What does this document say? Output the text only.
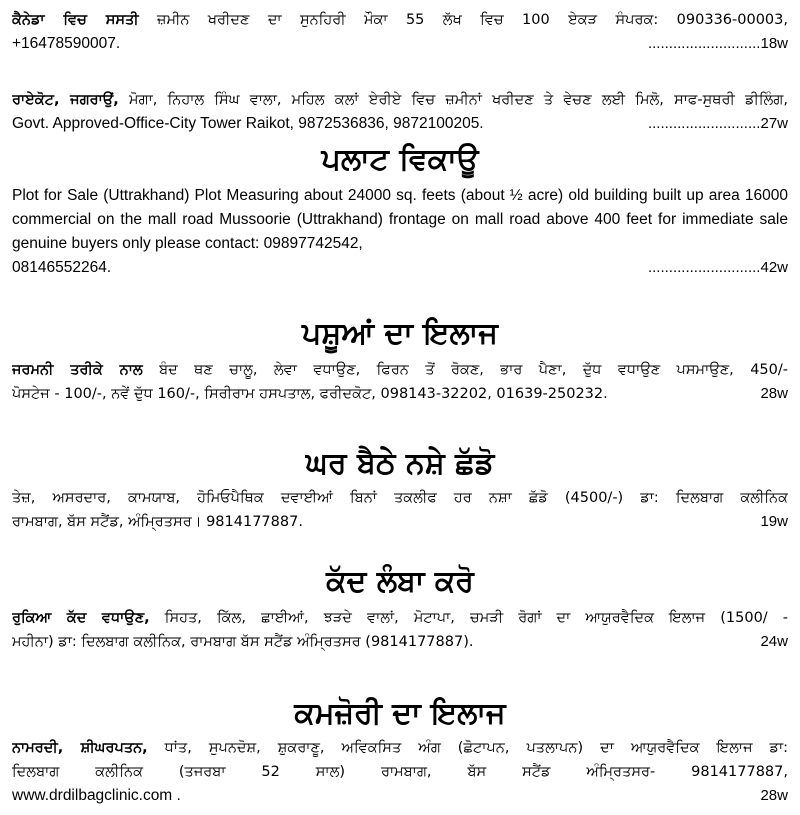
ਕੈਨੇਡਾ ਵਿਚ ਸਸਤੀ ਜ਼ਮੀਨ ਖਰੀਦਣ ਦਾ ਸੁਨਹਿਰੀ ਮੌਕਾ 55 ਲੱਖ ਵਿਚ 100 ਏਕੜ ਸੰਪਰਕ: 090336-00003,
+16478590007.	...........................18w
ਰਾਏਕੋਟ, ਜਗਰਾਉਂ, ਮੋਗਾ, ਨਿਹਾਲ ਸਿੰਘ ਵਾਲਾ, ਮਹਿਲ ਕਲਾਂ ਏਰੀਏ ਵਿਚ ਜ਼ਮੀਨਾਂ ਖਰੀਦਣ ਤੇ ਵੇਚਣ ਲਈ ਮਿਲੋ, ਸਾਫ-ਸੁਥਰੀ ਡੀਲਿੰਗ,
Govt. Approved-Office-City Tower Raikot, 9872536836, 9872100205.	...........................27w
ਪਲਾਟ ਵਿਕਾਊ
Plot for Sale (Uttrakhand) Plot Measuring about 24000 sq. feets (about ½ acre) old building built up area 16000 commercial on the mall road Mussoorie (Uttrakhand) frontage on mall road above 400 feet for immediate sale genuine buyers only please contact: 09897742542,
08146552264.	...........................42w
ਪਸ਼ੂਆਂ ਦਾ ਇਲਾਜ
ਜਰਮਨੀ ਤਰੀਕੇ ਨਾਲ ਬੰਦ ਥਣ ਚਾਲੂ, ਲੇਵਾ ਵਧਾਉਣ, ਫਿਰਨ ਤੋਂ ਰੋਕਣ, ਭਾਰ ਪੈਣਾ, ਦੁੱਧ ਵਧਾਉਣ ਪਸਮਾਉਣ, 450/-
ਪੋਸਟੇਜ - 100/-, ਨਵੇਂ ਦੁੱਧ 160/-, ਸਿਰੀਰਾਮ ਹਸਪਤਾਲ, ਫਰੀਦਕੋਟ, 098143-32202, 01639-250232.	28w
ਘਰ ਬੈਠੇ ਨਸ਼ੇ ਛੱਡੋ
ਤੇਜ਼, ਅਸਰਦਾਰ, ਕਾਮਯਾਬ, ਹੋਮਿਓਪੈਥਿਕ ਦਵਾਈਆਂ ਬਿਨਾਂ ਤਕਲੀਫ ਹਰ ਨਸ਼ਾ ਛੱਡੋ (4500/-) ਡਾ: ਦਿਲਬਾਗ ਕਲੀਨਿਕ
ਰਾਮਬਾਗ, ਬੱਸ ਸਟੈਂਡ, ਅੰਮ੍ਰਿਤਸਰ। 9814177887.	19w
ਕੱਦ ਲੰਬਾ ਕਰੋ
ਰੁਕਿਆ ਕੱਦ ਵਧਾਉਣ, ਸਿਹਤ, ਕਿੱਲ, ਛਾਈਆਂ, ਝੜਦੇ ਵਾਲਾਂ, ਮੋਟਾਪਾ, ਚਮੜੀ ਰੋਗਾਂ ਦਾ ਆਯੁਰਵੈਦਿਕ ਇਲਾਜ (1500/ -
ਮਹੀਨਾ) ਡਾ: ਦਿਲਬਾਗ ਕਲੀਨਿਕ, ਰਾਮਬਾਗ ਬੱਸ ਸਟੈਂਡ ਅੰਮ੍ਰਿਤਸਰ (9814177887).	24w
ਕਮਜ਼ੋਰੀ ਦਾ ਇਲਾਜ
ਨਾਮਰਦੀ, ਸ਼ੀਘਰਪਤਨ, ਧਾਂਤ, ਸੁਪਨਦੋਸ਼, ਸ਼ੁਕਰਾਣੂ, ਅਵਿਕਸਿਤ ਅੰਗ (ਛੋਟਾਪਨ, ਪਤਲਾਪਨ) ਦਾ ਆਯੁਰਵੈਦਿਕ ਇਲਾਜ ਡਾ:
ਦਿਲਬਾਗ ਕਲੀਨਿਕ (ਤਜਰਬਾ 52 ਸਾਲ) ਰਾਮਬਾਗ, ਬੱਸ ਸਟੈਂਡ ਅੰਮ੍ਰਿਤਸਰ- 9814177887,
www.drdilbagclinic.com .	28w
